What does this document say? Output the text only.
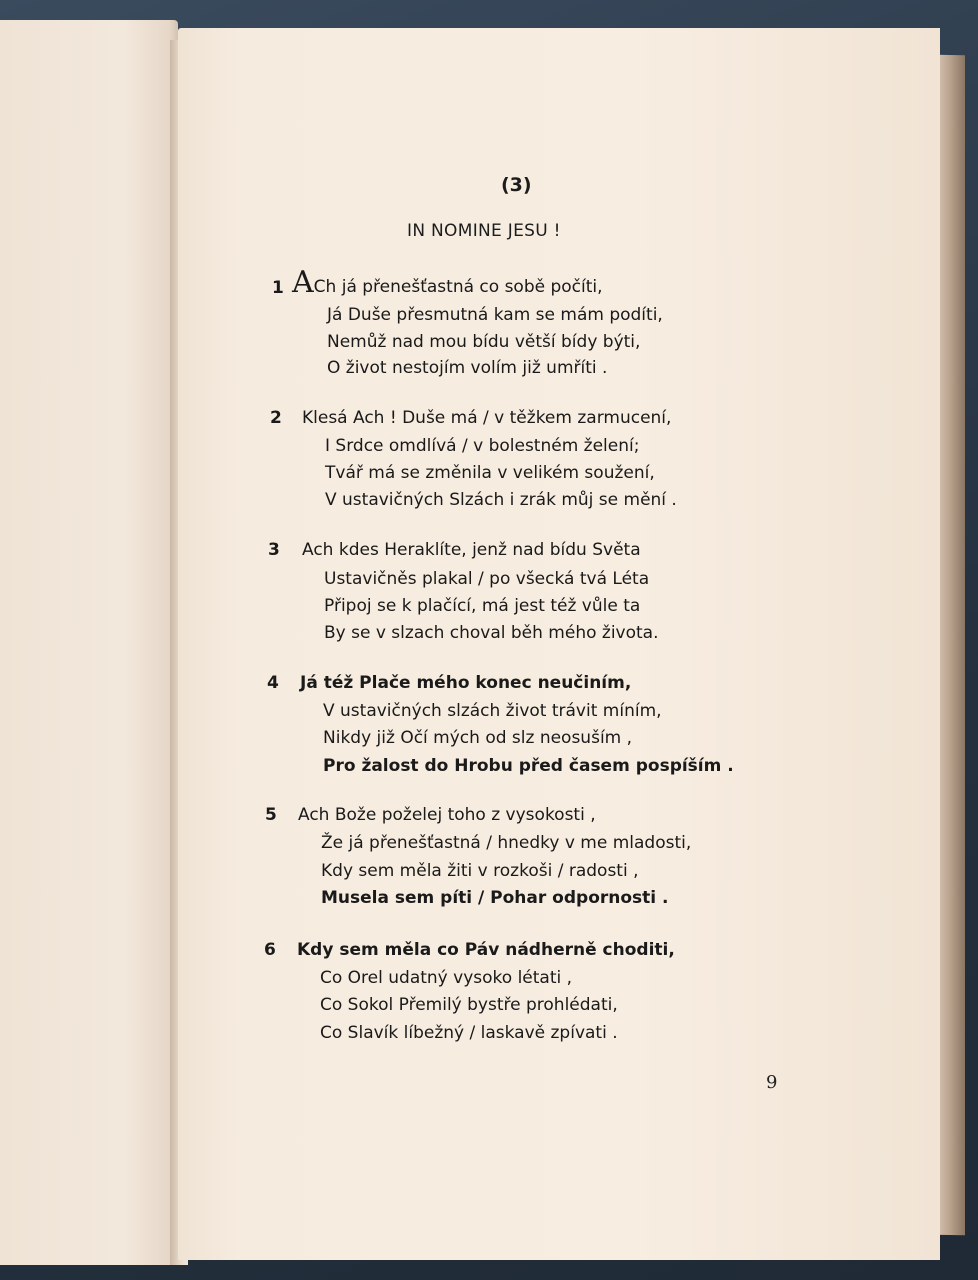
(3)
IN NOMINE JESU !
1 ACh já přenešťastná co sobě počíti,
Já Duše přesmutná kam se mám podíti,
Nemůž nad mou bídu větší bídy býti,
O život nestojím volím již umříti .
2 Klesá Ach ! Duše má / v těžkem zarmucení,
I Srdce omdlívá / v bolestném želení;
Tvář má se změnila v velikém soužení,
V ustavičných Slzách i zrák můj se mění .
3 Ach kdes Heraklíte, jenž nad bídu Světa
Ustavičněs plakal / po všecká tvá Léta
Připoj se k plačící, má jest též vůle ta
By se v slzach choval běh mého života.
4 Já též Plače mého konec neučiním,
V ustavičných slzách život trávit míním,
Nikdy již Očí mých od slz neosuším ,
Pro žalost do Hrobu před časem pospíším .
5 Ach Bože poželej toho z vysokosti ,
Že já přenešťastná / hnedky v me mladosti,
Kdy sem měla žiti v rozkoši / radosti ,
Musela sem píti / Pohar odpornosti .
6 Kdy sem měla co Páv nádherně choditi,
Co Orel udatný vysoko létati ,
Co Sokol Přemilý bystře prohlédati,
Co Slavík líbežný / laskavě zpívati .
9
